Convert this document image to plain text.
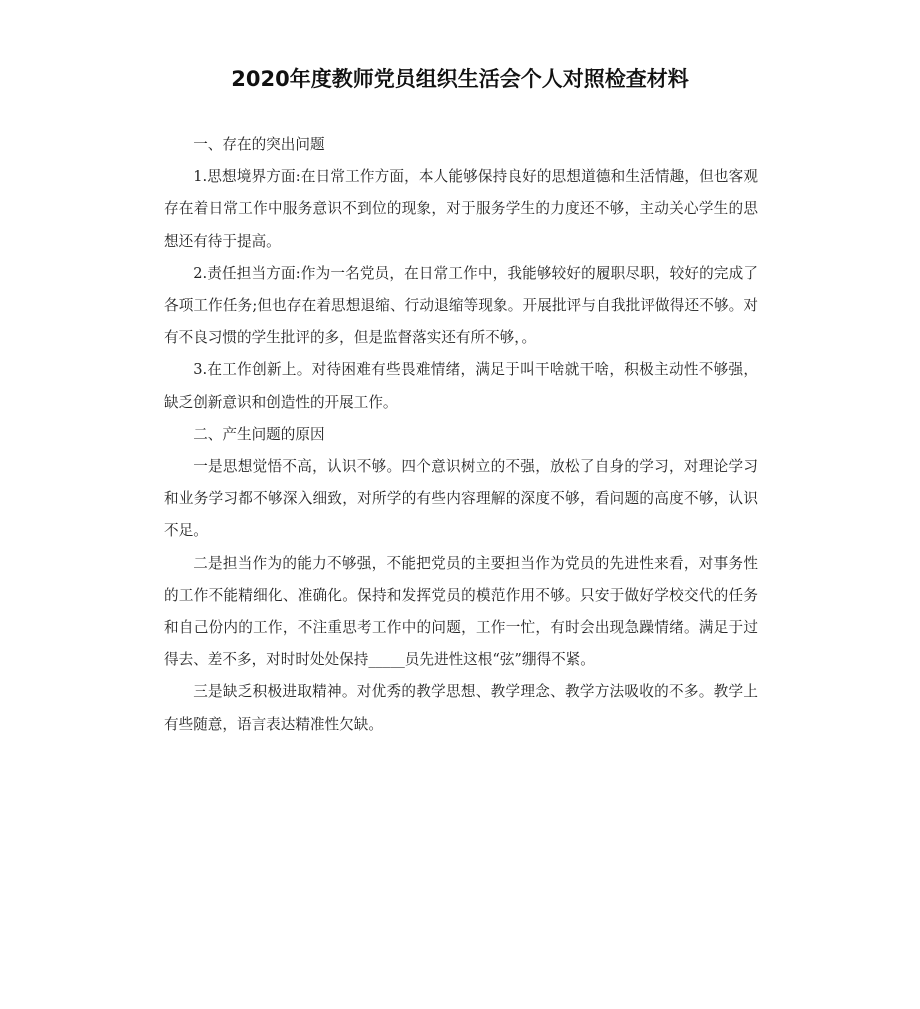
2020年度教师党员组织生活会个人对照检查材料

一、存在的突出问题

1.思想境界方面:在日常工作方面，本人能够保持良好的思想道德和生活情趣，但也客观存在着日常工作中服务意识不到位的现象，对于服务学生的力度还不够，主动关心学生的思想还有待于提高。

2.责任担当方面:作为一名党员，在日常工作中，我能够较好的履职尽职，较好的完成了各项工作任务;但也存在着思想退缩、行动退缩等现象。开展批评与自我批评做得还不够。对有不良习惯的学生批评的多，但是监督落实还有所不够，。

3.在工作创新上。对待困难有些畏难情绪，满足于叫干啥就干啥，积极主动性不够强，缺乏创新意识和创造性的开展工作。

二、产生问题的原因

一是思想觉悟不高，认识不够。四个意识树立的不强，放松了自身的学习，对理论学习和业务学习都不够深入细致，对所学的有些内容理解的深度不够，看问题的高度不够，认识不足。

二是担当作为的能力不够强，不能把党员的主要担当作为党员的先进性来看，对事务性的工作不能精细化、准确化。保持和发挥党员的模范作用不够。只安于做好学校交代的任务和自己份内的工作，不注重思考工作中的问题，工作一忙，有时会出现急躁情绪。满足于过得去、差不多，对时时处处保持_____员先进性这根“弦”绷得不紧。

三是缺乏积极进取精神。对优秀的教学思想、教学理念、教学方法吸收的不多。教学上有些随意，语言表达精准性欠缺。
